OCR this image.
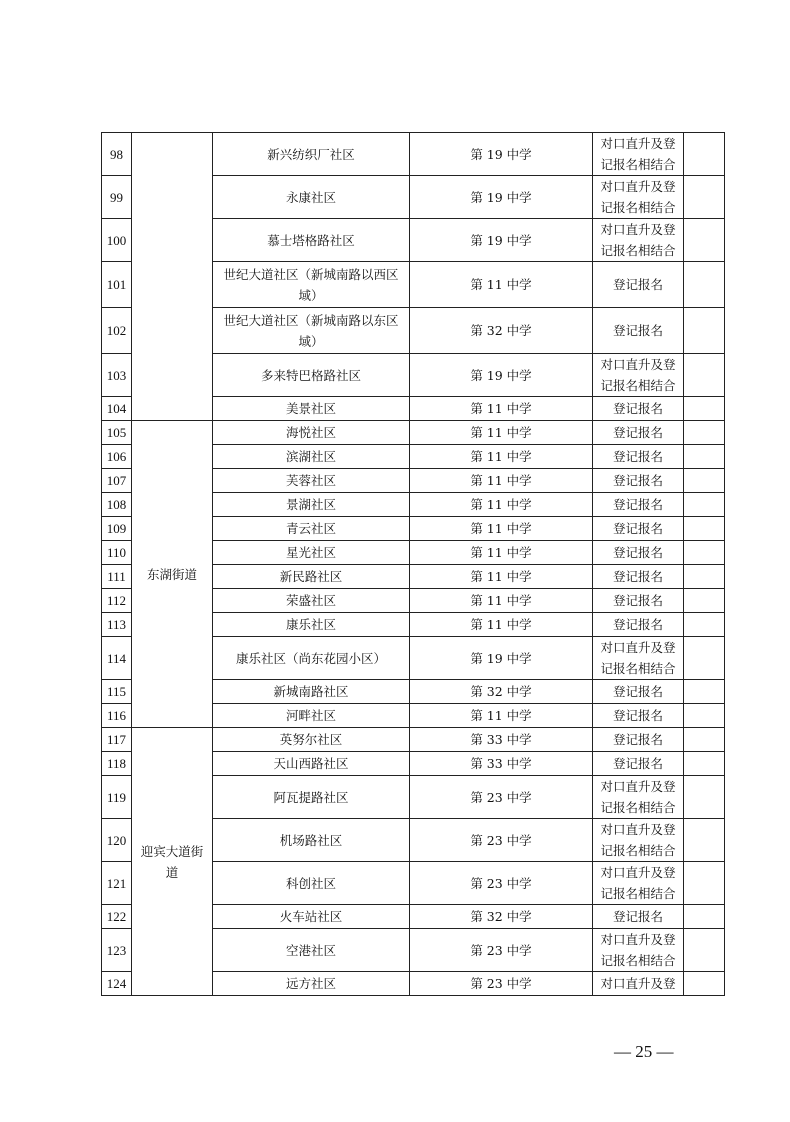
98		新兴纺织厂社区	第 19 中学	对口直升及登记报名相结合	
99		永康社区	第 19 中学	对口直升及登记报名相结合	
100		慕士塔格路社区	第 19 中学	对口直升及登记报名相结合	
101		世纪大道社区（新城南路以西区域）	第 11 中学	登记报名	
102		世纪大道社区（新城南路以东区域）	第 32 中学	登记报名	
103		多来特巴格路社区	第 19 中学	对口直升及登记报名相结合	
104		美景社区	第 11 中学	登记报名	
105	东湖街道	海悦社区	第 11 中学	登记报名	
106		滨湖社区	第 11 中学	登记报名	
107		芙蓉社区	第 11 中学	登记报名	
108		景湖社区	第 11 中学	登记报名	
109		青云社区	第 11 中学	登记报名	
110		星光社区	第 11 中学	登记报名	
111		新民路社区	第 11 中学	登记报名	
112		荣盛社区	第 11 中学	登记报名	
113		康乐社区	第 11 中学	登记报名	
114		康乐社区（尚东花园小区）	第 19 中学	对口直升及登记报名相结合	
115		新城南路社区	第 32 中学	登记报名	
116		河畔社区	第 11 中学	登记报名	
117	迎宾大道街道	英努尔社区	第 33 中学	登记报名	
118		天山西路社区	第 33 中学	登记报名	
119		阿瓦提路社区	第 23 中学	对口直升及登记报名相结合	
120		机场路社区	第 23 中学	对口直升及登记报名相结合	
121		科创社区	第 23 中学	对口直升及登记报名相结合	
122		火车站社区	第 32 中学	登记报名	
123		空港社区	第 23 中学	对口直升及登记报名相结合	
124		远方社区	第 23 中学	对口直升及登	
— 25 —
